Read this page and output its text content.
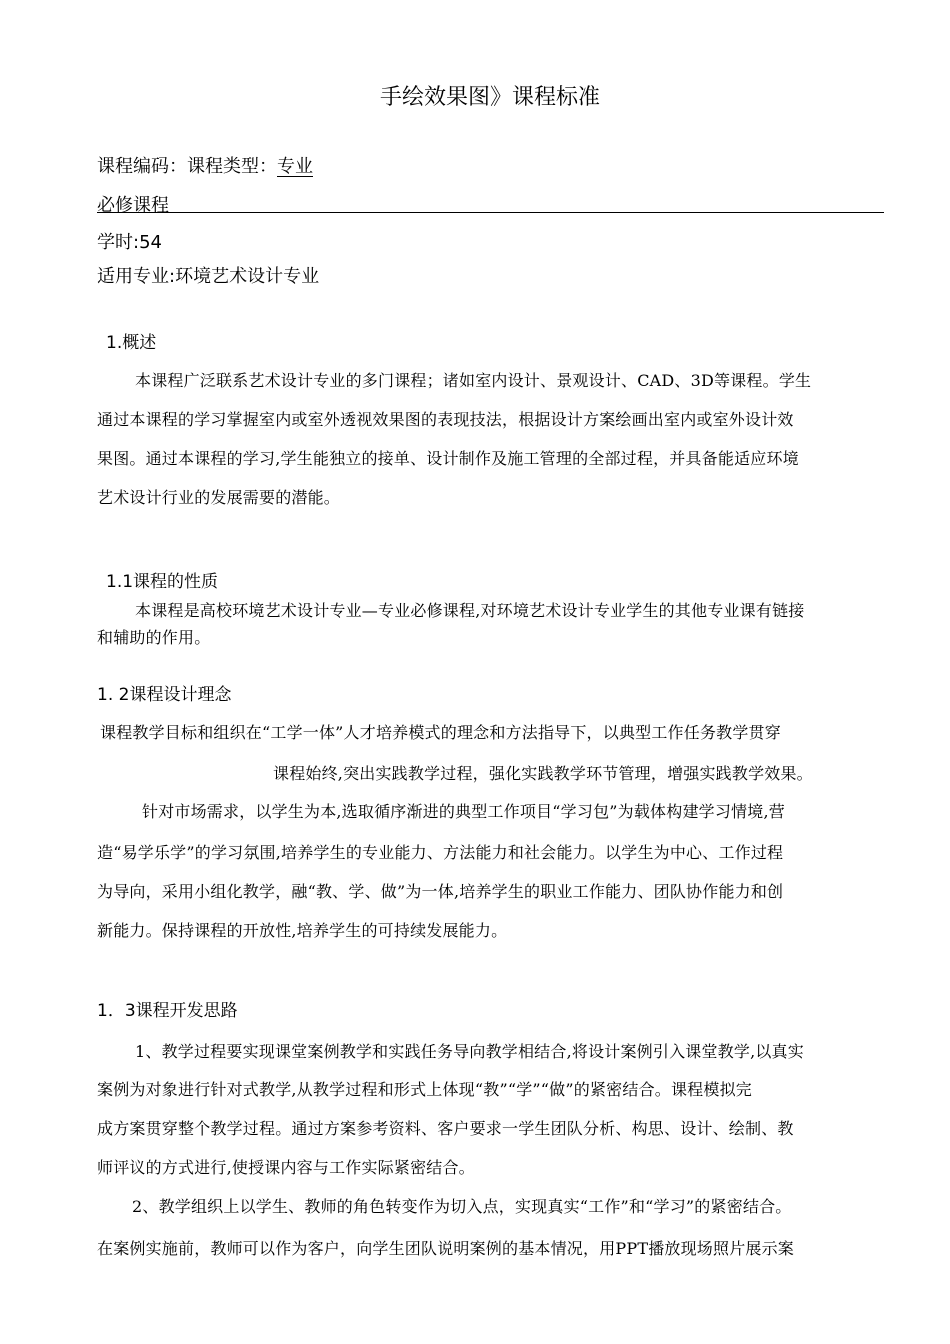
手绘效果图》课程标准
课程编码：课程类型：专业
必修课程
学时:54
适用专业:环境艺术设计专业
1.概述
本课程广泛联系艺术设计专业的多门课程；诸如室内设计、景观设计、CAD、3D等课程。学生
通过本课程的学习掌握室内或室外透视效果图的表现技法，根据设计方案绘画出室内或室外设计效
果图。通过本课程的学习,学生能独立的接单、设计制作及施工管理的全部过程，并具备能适应环境
艺术设计行业的发展需要的潜能。
1.1课程的性质
本课程是高校环境艺术设计专业—专业必修课程,对环境艺术设计专业学生的其他专业课有链接
和辅助的作用。
1. 2课程设计理念
课程教学目标和组织在“工学一体”人才培养模式的理念和方法指导下，以典型工作任务教学贯穿
课程始终,突出实践教学过程，强化实践教学环节管理，增强实践教学效果。
针对市场需求，以学生为本,选取循序渐进的典型工作项目“学习包”为载体构建学习情境,营
造“易学乐学”的学习氛围,培养学生的专业能力、方法能力和社会能力。以学生为中心、工作过程
为导向，采用小组化教学，融“教、学、做”为一体,培养学生的职业工作能力、团队协作能力和创
新能力。保持课程的开放性,培养学生的可持续发展能力。
1．3课程开发思路
1、教学过程要实现课堂案例教学和实践任务导向教学相结合,将设计案例引入课堂教学,以真实
案例为对象进行针对式教学,从教学过程和形式上体现“教”“学”“做”的紧密结合。课程模拟完
成方案贯穿整个教学过程。通过方案参考资料、客户要求一学生团队分析、构思、设计、绘制、教
师评议的方式进行,使授课内容与工作实际紧密结合。
2、教学组织上以学生、教师的角色转变作为切入点，实现真实“工作”和“学习”的紧密结合。
在案例实施前，教师可以作为客户，向学生团队说明案例的基本情况，用PPT播放现场照片展示案
